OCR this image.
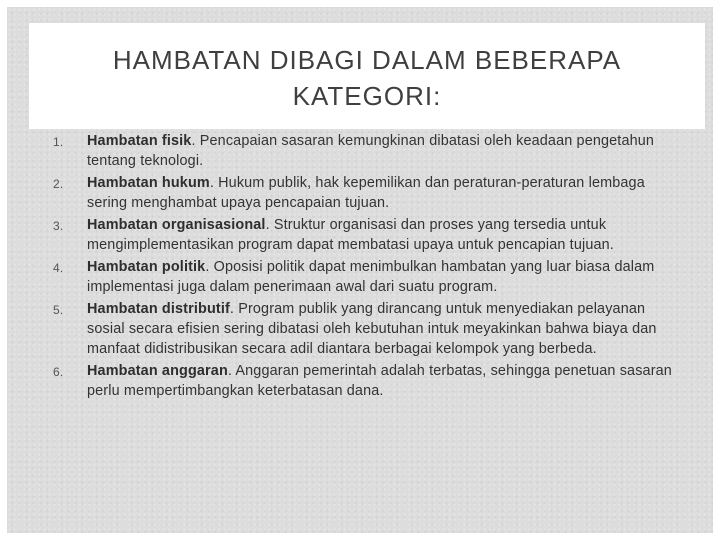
HAMBATAN DIBAGI DALAM BEBERAPA KATEGORI:
1. Hambatan fisik. Pencapaian sasaran kemungkinan dibatasi oleh keadaan pengetahun tentang teknologi.
2. Hambatan hukum. Hukum publik, hak kepemilikan dan peraturan-peraturan lembaga sering menghambat upaya pencapaian tujuan.
3. Hambatan organisasional. Struktur organisasi dan proses yang tersedia untuk mengimplementasikan program dapat membatasi upaya untuk pencapian tujuan.
4. Hambatan politik. Oposisi politik dapat menimbulkan hambatan yang luar biasa dalam implementasi juga dalam penerimaan awal dari suatu program.
5. Hambatan distributif. Program publik yang dirancang untuk menyediakan pelayanan sosial secara efisien sering dibatasi oleh kebutuhan intuk meyakinkan bahwa biaya dan manfaat didistribusikan secara adil diantara berbagai kelompok yang berbeda.
6. Hambatan anggaran. Anggaran pemerintah adalah terbatas, sehingga penetuan sasaran perlu mempertimbangkan keterbatasan dana.
